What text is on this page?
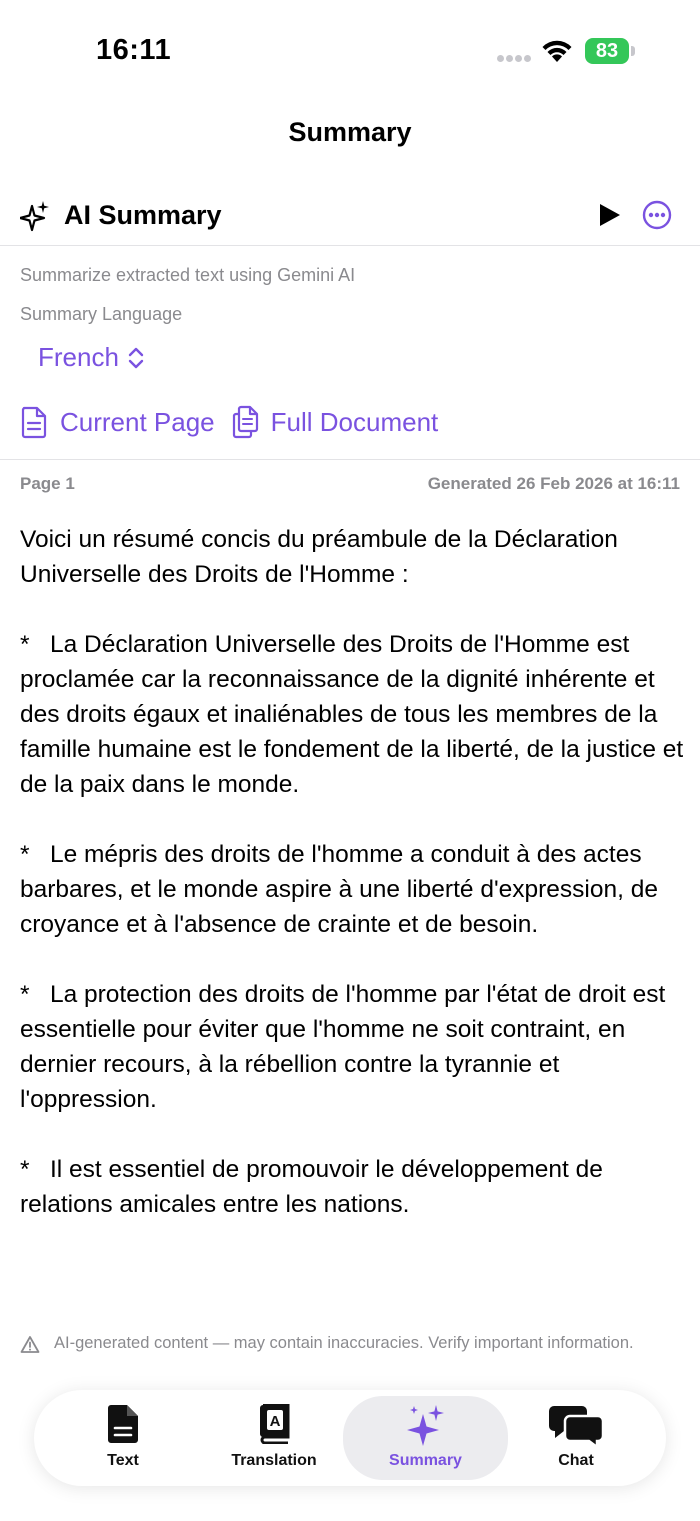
16:11	83
Summary
AI Summary
Summarize extracted text using Gemini AI
Summary Language
French
Current Page Full Document
Page 1	Generated 26 Feb 2026 at 16:11
Voici un résumé concis du préambule de la Déclaration Universelle des Droits de l'Homme :

*   La Déclaration Universelle des Droits de l'Homme est proclamée car la reconnaissance de la dignité inhérente et des droits égaux et inaliénables de tous les membres de la famille humaine est le fondement de la liberté, de la justice et de la paix dans le monde.

*   Le mépris des droits de l'homme a conduit à des actes barbares, et le monde aspire à une liberté d'expression, de croyance et à l'absence de crainte et de besoin.

*   La protection des droits de l'homme par l'état de droit est essentielle pour éviter que l'homme ne soit contraint, en dernier recours, à la rébellion contre la tyrannie et l'oppression.

*   Il est essentiel de promouvoir le développement de relations amicales entre les nations.
AI-generated content — may contain inaccuracies. Verify important information.
Text
A
Translation	Summary	Chat
